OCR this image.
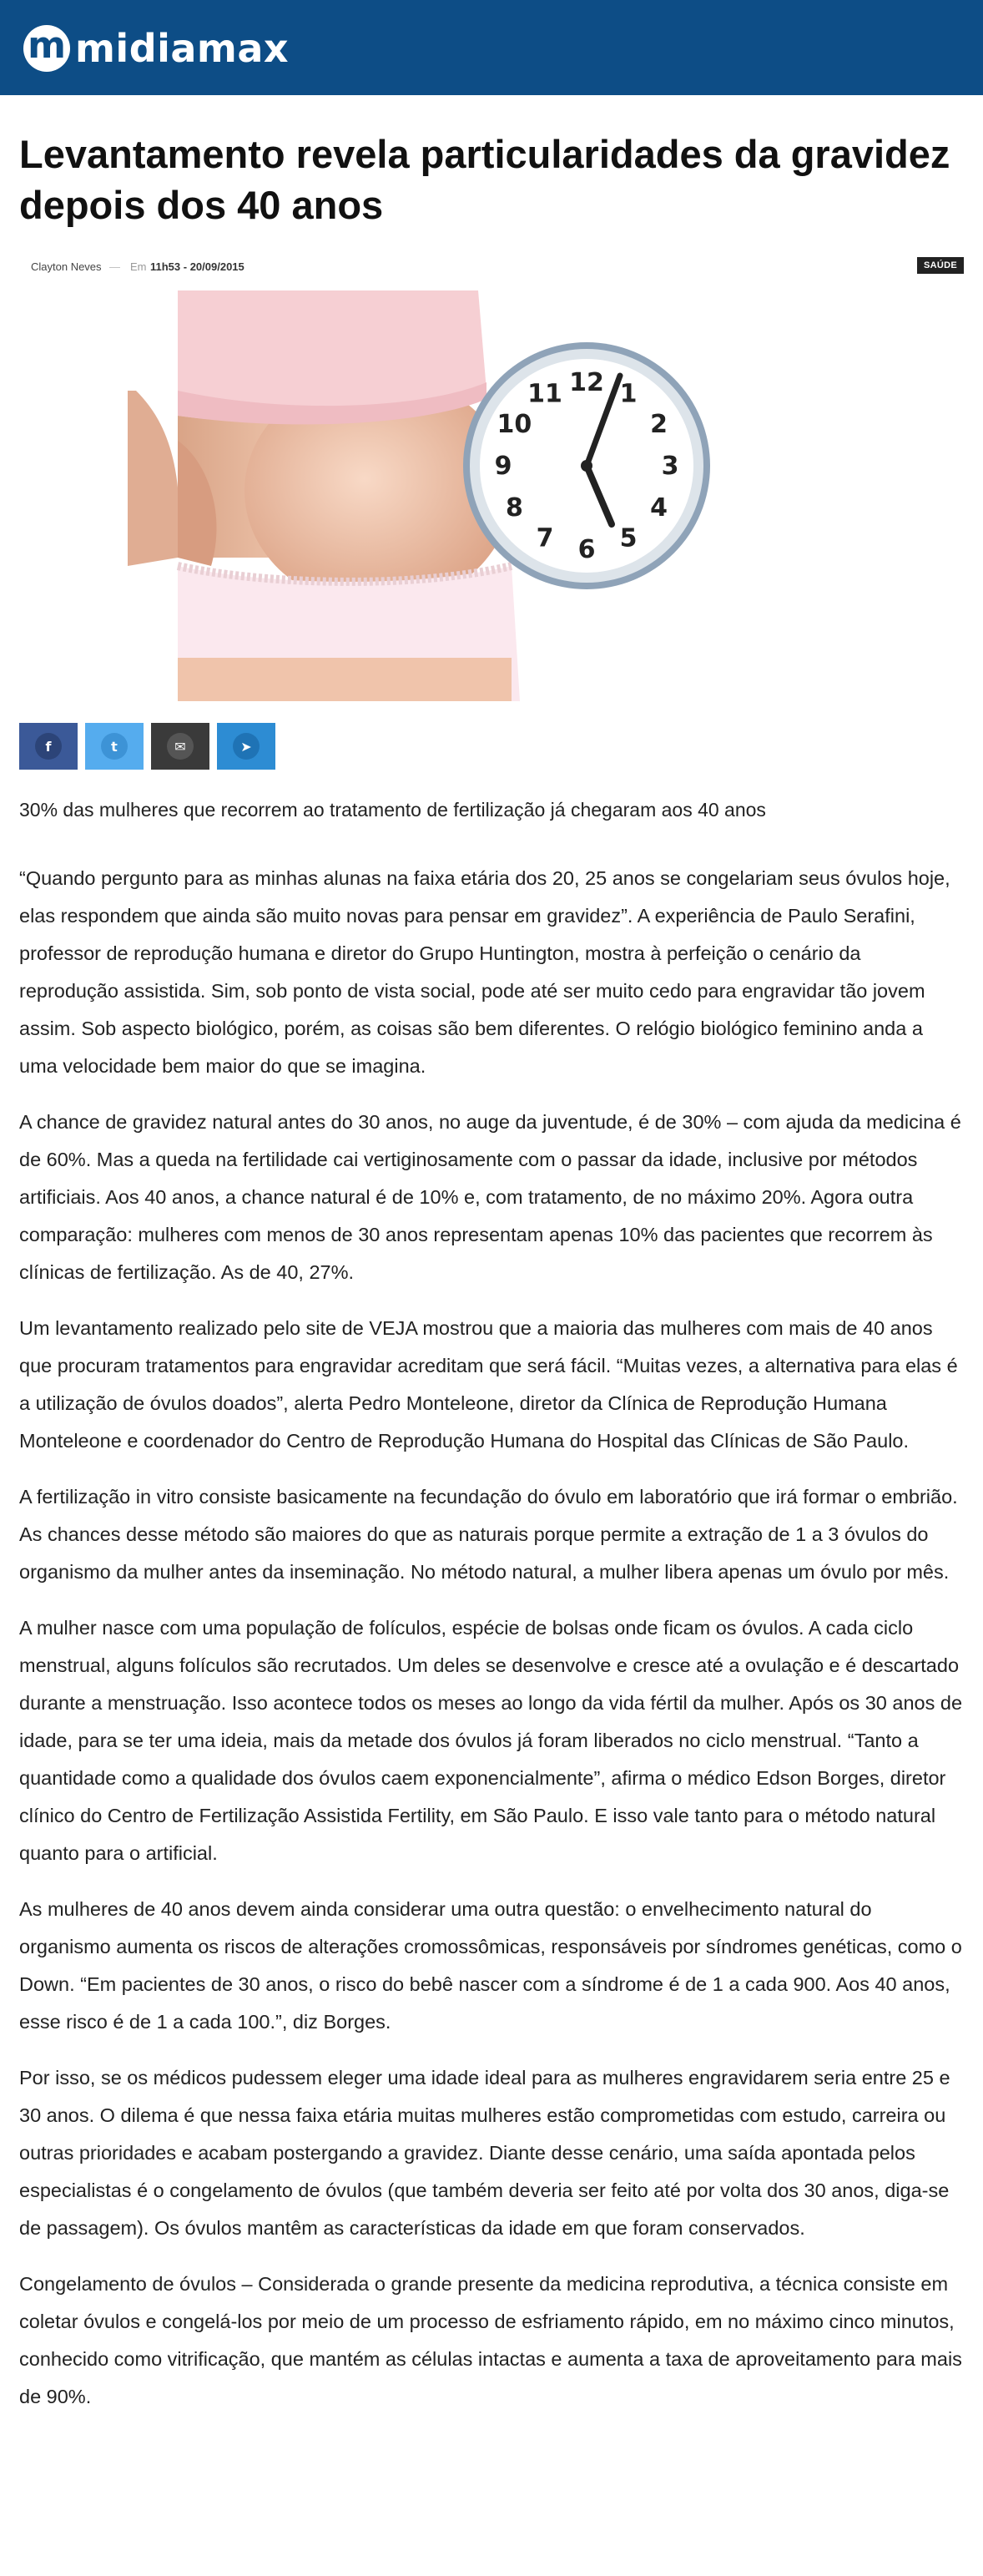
m midiamax
Levantamento revela particularidades da gravidez depois dos 40 anos
Clayton Neves — Em 11h53 - 20/09/2015	SAÚDE
12 1
2
3
4
5
6
7
8
9
10
11
f	t	✉	➤

30% das mulheres que recorrem ao tratamento de fertilização já chegaram aos 40 anos

“Quando pergunto para as minhas alunas na faixa etária dos 20, 25 anos se congelariam seus óvulos hoje, elas respondem que ainda são muito novas para pensar em gravidez”. A experiência de Paulo Serafini, professor de reprodução humana e diretor do Grupo Huntington, mostra à perfeição o cenário da reprodução assistida. Sim, sob ponto de vista social, pode até ser muito cedo para engravidar tão jovem assim. Sob aspecto biológico, porém, as coisas são bem diferentes. O relógio biológico feminino anda a uma velocidade bem maior do que se imagina.

A chance de gravidez natural antes do 30 anos, no auge da juventude, é de 30% – com ajuda da medicina é de 60%. Mas a queda na fertilidade cai vertiginosamente com o passar da idade, inclusive por métodos artificiais. Aos 40 anos, a chance natural é de 10% e, com tratamento, de no máximo 20%. Agora outra comparação: mulheres com menos de 30 anos representam apenas 10% das pacientes que recorrem às clínicas de fertilização. As de 40, 27%.

Um levantamento realizado pelo site de VEJA mostrou que a maioria das mulheres com mais de 40 anos que procuram tratamentos para engravidar acreditam que será fácil. “Muitas vezes, a alternativa para elas é a utilização de óvulos doados”, alerta Pedro Monteleone, diretor da Clínica de Reprodução Humana Monteleone e coordenador do Centro de Reprodução Humana do Hospital das Clínicas de São Paulo.

A fertilização in vitro consiste basicamente na fecundação do óvulo em laboratório que irá formar o embrião. As chances desse método são maiores do que as naturais porque permite a extração de 1 a 3 óvulos do organismo da mulher antes da inseminação. No método natural, a mulher libera apenas um óvulo por mês.

A mulher nasce com uma população de folículos, espécie de bolsas onde ficam os óvulos. A cada ciclo menstrual, alguns folículos são recrutados. Um deles se desenvolve e cresce até a ovulação e é descartado durante a menstruação. Isso acontece todos os meses ao longo da vida fértil da mulher. Após os 30 anos de idade, para se ter uma ideia, mais da metade dos óvulos já foram liberados no ciclo menstrual. “Tanto a quantidade como a qualidade dos óvulos caem exponencialmente”, afirma o médico Edson Borges, diretor clínico do Centro de Fertilização Assistida Fertility, em São Paulo. E isso vale tanto para o método natural quanto para o artificial.

As mulheres de 40 anos devem ainda considerar uma outra questão: o envelhecimento natural do organismo aumenta os riscos de alterações cromossômicas, responsáveis por síndromes genéticas, como o Down. “Em pacientes de 30 anos, o risco do bebê nascer com a síndrome é de 1 a cada 900. Aos 40 anos, esse risco é de 1 a cada 100.”, diz Borges.

Por isso, se os médicos pudessem eleger uma idade ideal para as mulheres engravidarem seria entre 25 e 30 anos. O dilema é que nessa faixa etária muitas mulheres estão comprometidas com estudo, carreira ou outras prioridades e acabam postergando a gravidez. Diante desse cenário, uma saída apontada pelos especialistas é o congelamento de óvulos (que também deveria ser feito até por volta dos 30 anos, diga-se de passagem). Os óvulos mantêm as características da idade em que foram conservados.

Congelamento de óvulos – Considerada o grande presente da medicina reprodutiva, a técnica consiste em coletar óvulos e congelá-los por meio de um processo de esfriamento rápido, em no máximo cinco minutos, conhecido como vitrificação, que mantém as células intactas e aumenta a taxa de aproveitamento para mais de 90%.
